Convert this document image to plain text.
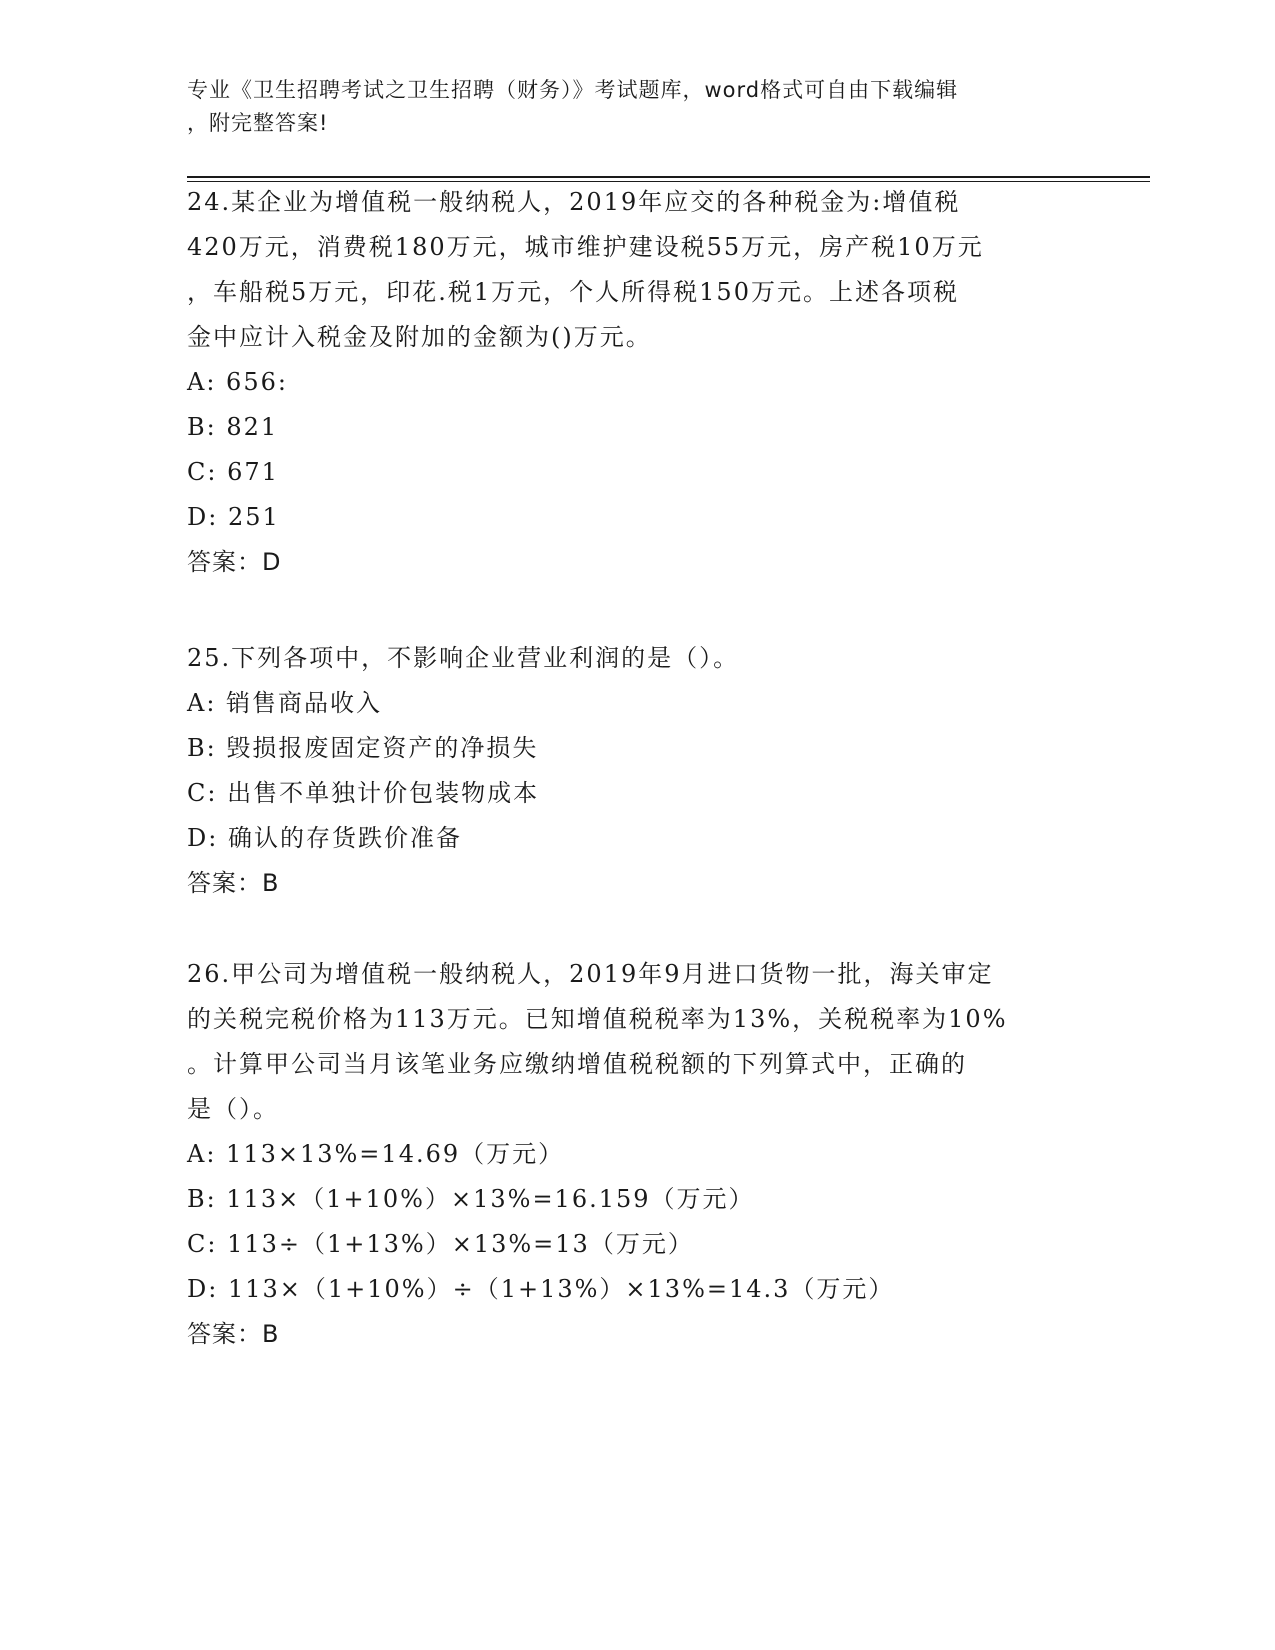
专业《卫生招聘考试之卫生招聘（财务）》考试题库，word格式可自由下载编辑
，附完整答案!

24.某企业为增值税一般纳税人，2019年应交的各种税金为:增值税

420万元，消费税180万元，城市维护建设税55万元，房产税10万元

，车船税5万元，印花.税1万元，个人所得税150万元。上述各项税

金中应计入税金及附加的金额为()万元。

A: 656:

B: 821

C: 671

D: 251

答案：D

25.下列各项中，不影响企业营业利润的是（）。

A: 销售商品收入

B: 毁损报废固定资产的净损失

C: 出售不单独计价包装物成本

D: 确认的存货跌价准备

答案：B

26.甲公司为增值税一般纳税人，2019年9月进口货物一批，海关审定

的关税完税价格为113万元。已知增值税税率为13%，关税税率为10%

。计算甲公司当月该笔业务应缴纳增值税税额的下列算式中，正确的

是（）。

A: 113×13%=14.69（万元）

B: 113×（1+10%）×13%=16.159（万元）

C: 113÷（1+13%）×13%=13（万元）

D: 113×（1+10%）÷（1+13%）×13%=14.3（万元）

答案：B
